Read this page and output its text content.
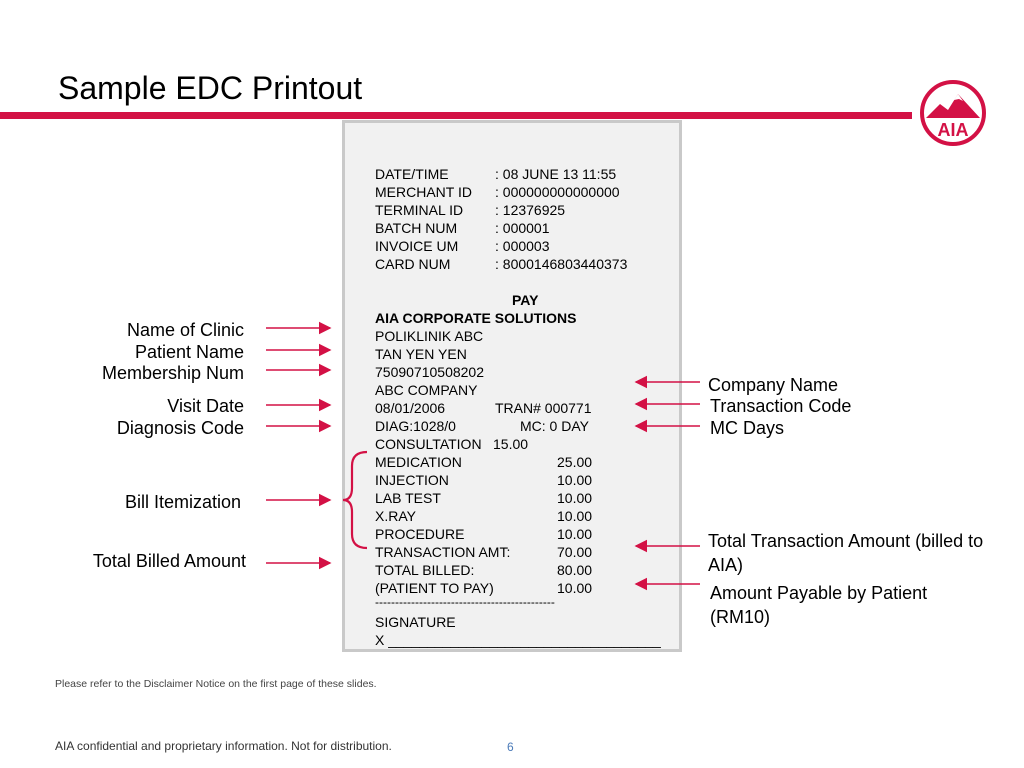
Sample EDC Printout
AIA
DATE/TIME	: 08 JUNE 13 11:55
MERCHANT ID : 000000000000000
TERMINAL ID : 12376925
BATCH NUM	: 000001
INVOICE UM	: 000003
CARD NUM	: 8000146803440373
PAY
AIA CORPORATE SOLUTIONS
POLIKLINIK ABC
TAN YEN YEN
75090710508202
ABC COMPANY
08/01/2006	TRAN# 000771
DIAG:1028/0	MC: 0 DAY
CONSULTATION 15.00
MEDICATION	25.00
INJECTION	10.00
LAB TEST	10.00
X.RAY	10.00
PROCEDURE	10.00
TRANSACTION AMT:	70.00
TOTAL BILLED:	80.00
(PATIENT TO PAY)	10.00
---------------------------------------------
SIGNATURE
X ___________________________________
Name of Clinic
Patient Name
Membership Num
Visit Date
Diagnosis Code
Bill Itemization
Total Billed Amount
Company Name
Transaction Code
MC Days
Total Transaction Amount (billed to
AIA)
Amount Payable by Patient
(RM10)
Please refer to the Disclaimer Notice on the first page of these slides.
AIA confidential and proprietary information. Not for distribution.	6
